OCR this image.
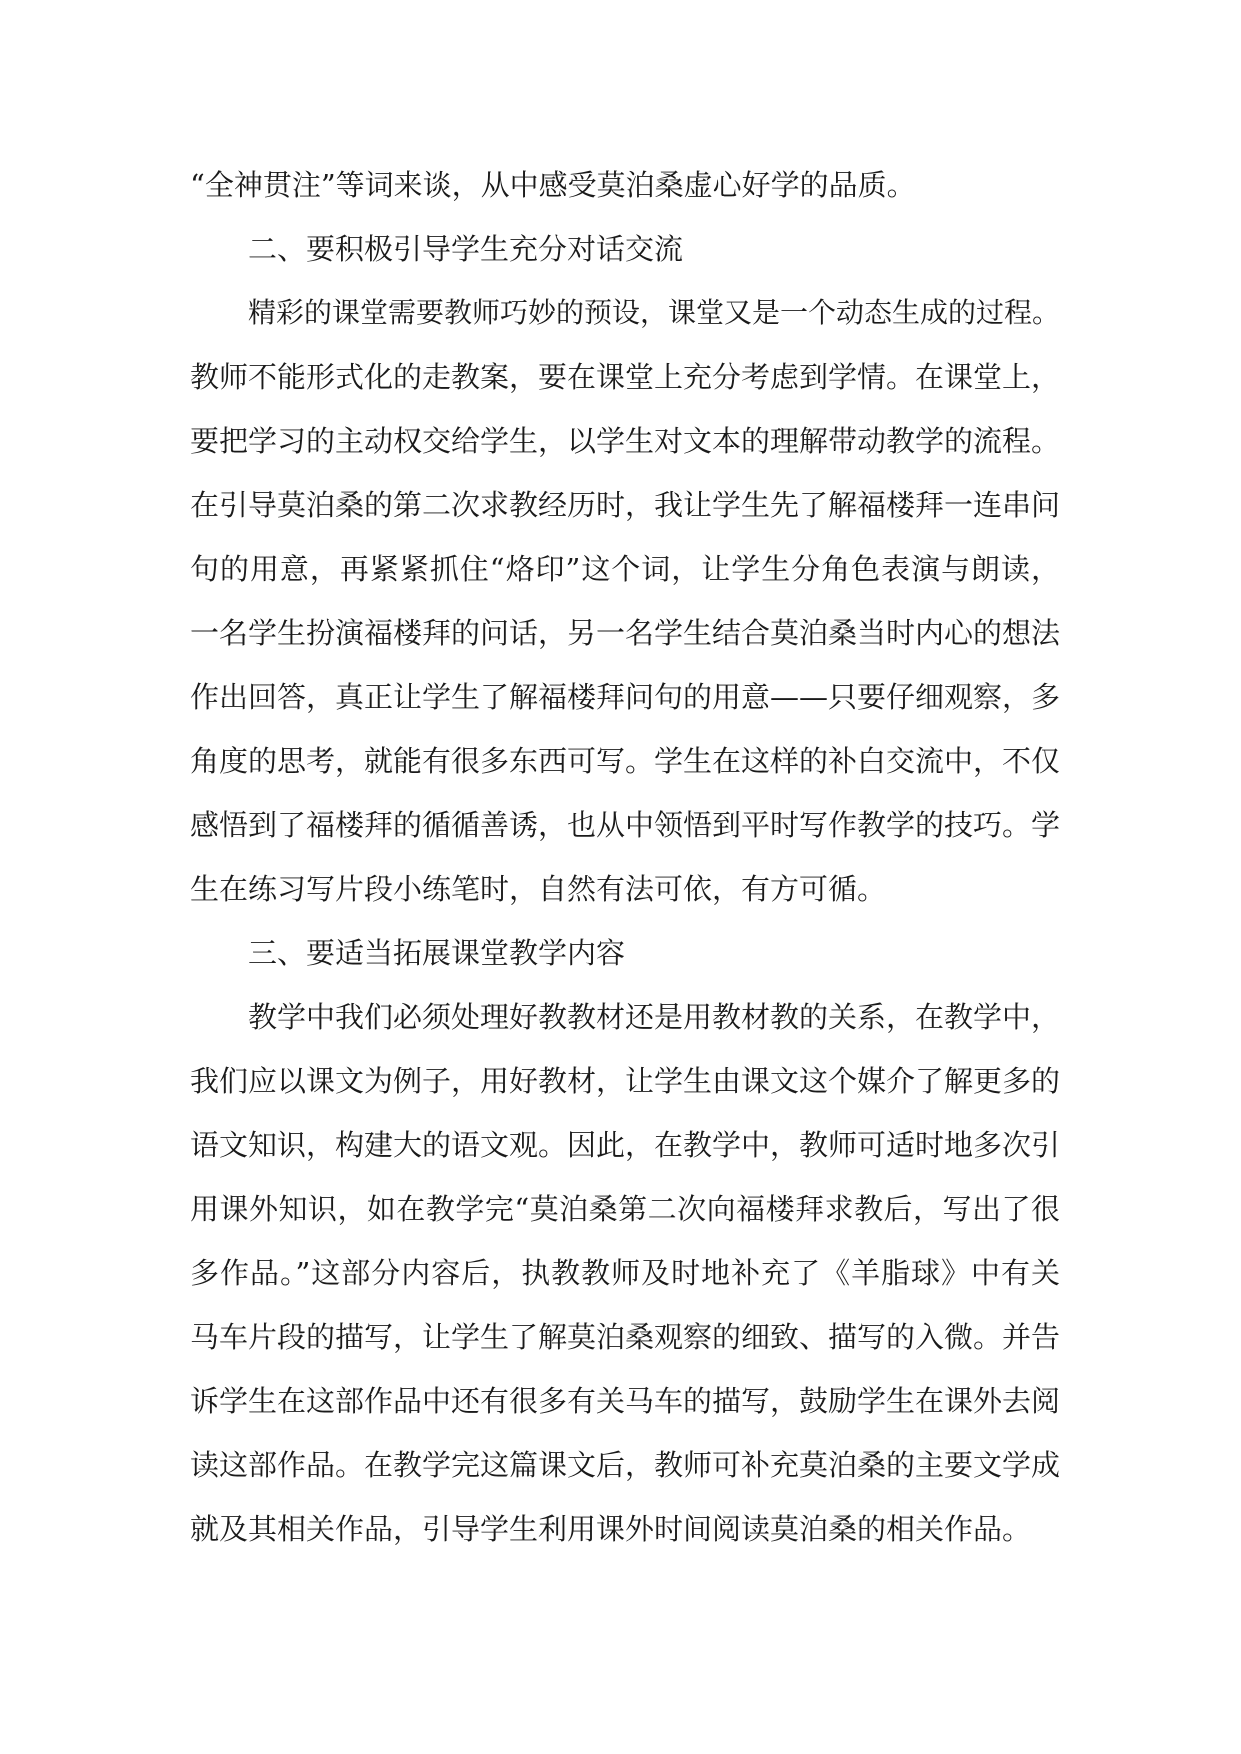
“全神贯注”等词来谈，从中感受莫泊桑虚心好学的品质。
二、要积极引导学生充分对话交流
精彩的课堂需要教师巧妙的预设，课堂又是一个动态生成的过程。
教师不能形式化的走教案，要在课堂上充分考虑到学情。在课堂上，
要把学习的主动权交给学生，以学生对文本的理解带动教学的流程。
在引导莫泊桑的第二次求教经历时，我让学生先了解福楼拜一连串问
句的用意，再紧紧抓住“烙印”这个词，让学生分角色表演与朗读，
一名学生扮演福楼拜的问话，另一名学生结合莫泊桑当时内心的想法
作出回答，真正让学生了解福楼拜问句的用意——只要仔细观察，多
角度的思考，就能有很多东西可写。学生在这样的补白交流中，不仅
感悟到了福楼拜的循循善诱，也从中领悟到平时写作教学的技巧。学
生在练习写片段小练笔时，自然有法可依，有方可循。
三、要适当拓展课堂教学内容
教学中我们必须处理好教教材还是用教材教的关系，在教学中，
我们应以课文为例子，用好教材，让学生由课文这个媒介了解更多的
语文知识，构建大的语文观。因此，在教学中，教师可适时地多次引
用课外知识，如在教学完“莫泊桑第二次向福楼拜求教后，写出了很
多作品。”这部分内容后，执教教师及时地补充了《羊脂球》中有关
马车片段的描写，让学生了解莫泊桑观察的细致、描写的入微。并告
诉学生在这部作品中还有很多有关马车的描写，鼓励学生在课外去阅
读这部作品。在教学完这篇课文后，教师可补充莫泊桑的主要文学成
就及其相关作品，引导学生利用课外时间阅读莫泊桑的相关作品。
